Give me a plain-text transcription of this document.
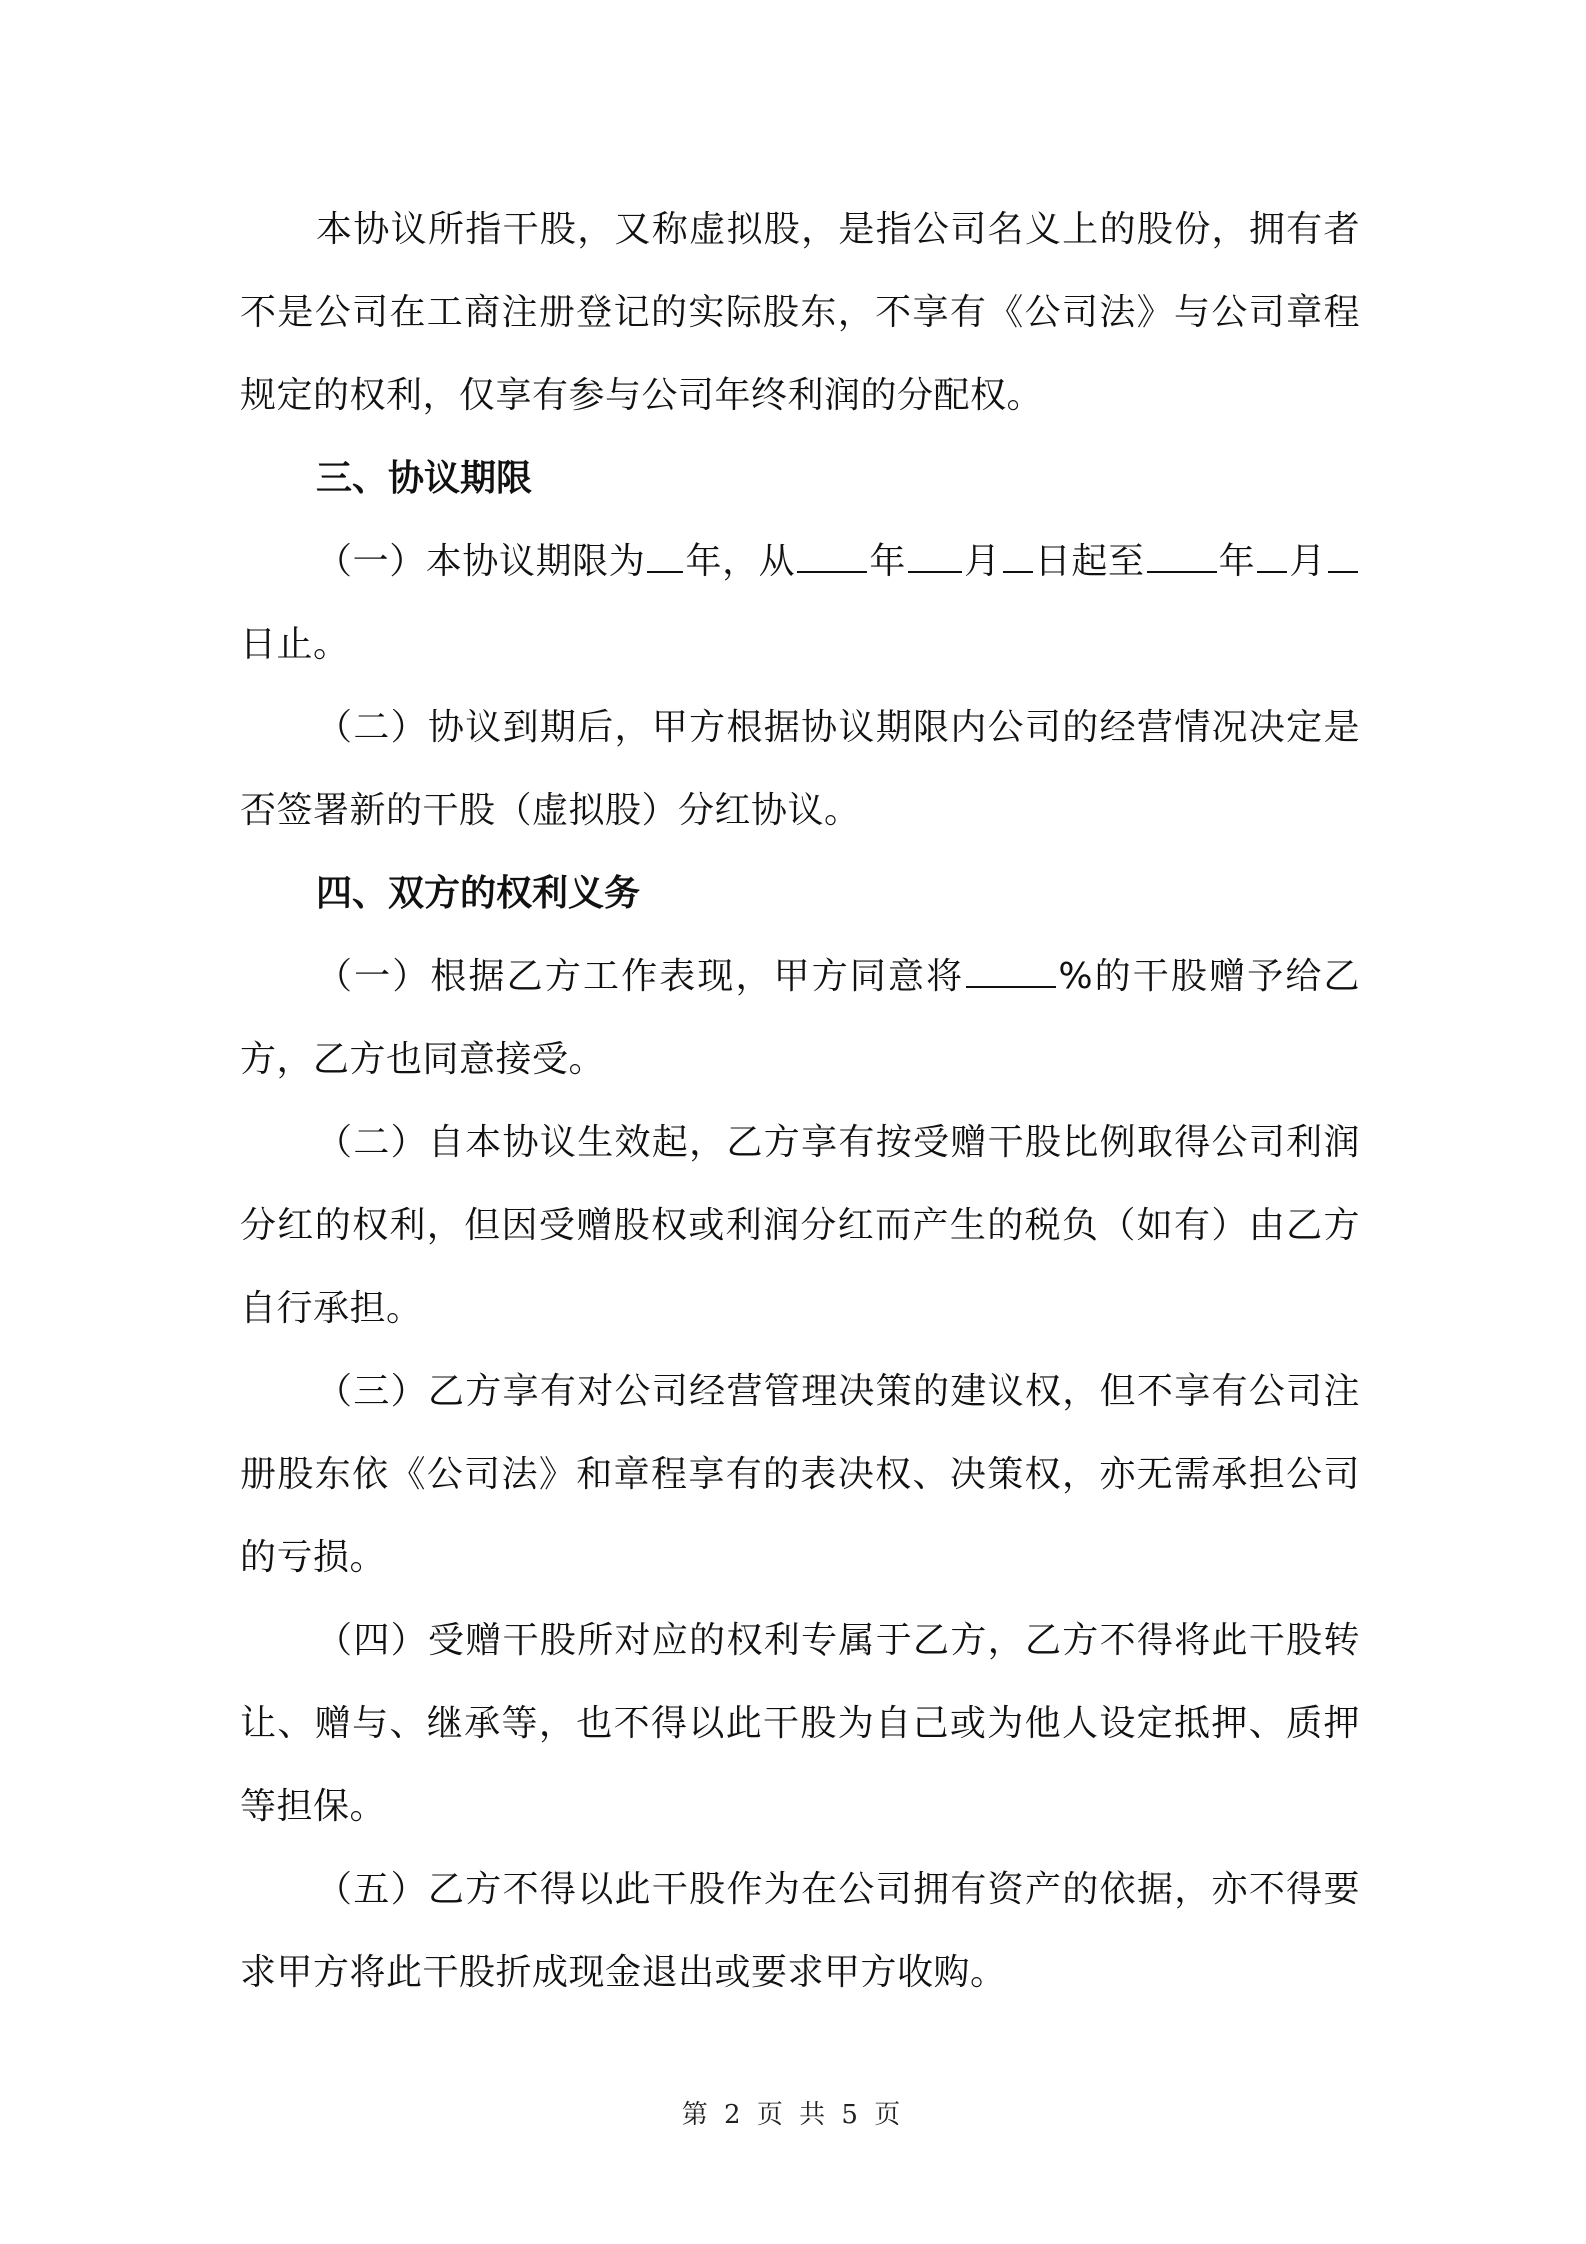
本协议所指干股，又称虚拟股，是指公司名义上的股份，拥有者不是公司在工商注册登记的实际股东，不享有《公司法》与公司章程规定的权利，仅享有参与公司年终利润的分配权。

三、协议期限

（一）本协议期限为 年，从 年 月 日起至 年 月日止。

（二）协议到期后，甲方根据协议期限内公司的经营情况决定是否签署新的干股（虚拟股）分红协议。

四、双方的权利义务

（一）根据乙方工作表现，甲方同意将	%的干股赠予给乙方，乙方也同意接受。

（二）自本协议生效起，乙方享有按受赠干股比例取得公司利润分红的权利，但因受赠股权或利润分红而产生的税负（如有）由乙方自行承担。

（三）乙方享有对公司经营管理决策的建议权，但不享有公司注册股东依《公司法》和章程享有的表决权、决策权，亦无需承担公司的亏损。

（四）受赠干股所对应的权利专属于乙方，乙方不得将此干股转让、赠与、继承等，也不得以此干股为自己或为他人设定抵押、质押等担保。

（五）乙方不得以此干股作为在公司拥有资产的依据，亦不得要求甲方将此干股折成现金退出或要求甲方收购。

第 2 页 共 5 页
